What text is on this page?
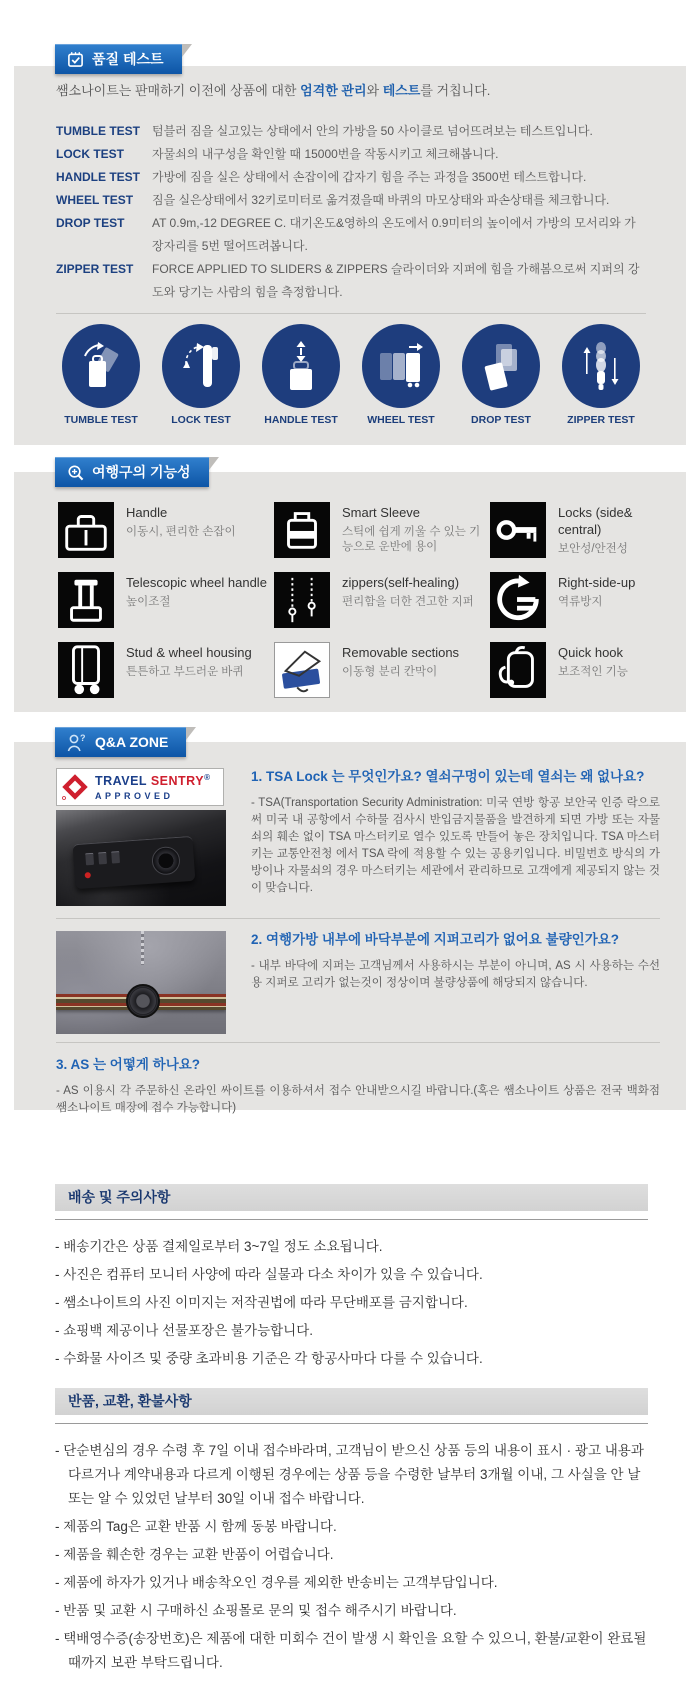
품질 테스트

쌤소나이트는 판매하기 이전에 상품에 대한 엄격한 관리와 테스트를 거칩니다.

TUMBLE TEST	텀블러 짐을 실고있는 상태에서 안의 가방을 50 사이클로 넘어뜨려보는 테스트입니다.
LOCK TEST	자물쇠의 내구성을 확인할 때 15000번을 작동시키고 체크해봅니다.
HANDLE TEST	가방에 짐을 실은 상태에서 손잡이에 갑자기 힘을 주는 과정을 3500번 테스트합니다.
WHEEL TEST	짐을 실은상태에서 32키로미터로 옮겨졌을때 바퀴의 마모상태와 파손상태를 체크합니다.
DROP TEST	AT 0.9m,-12 DEGREE C. 대기온도&영하의 온도에서 0.9미터의 높이에서 가방의 모서리와 가장자리를 5번 떨어뜨려봅니다.
ZIPPER TEST	FORCE APPLIED TO SLIDERS & ZIPPERS 슬라이더와 지퍼에 힘을 가해봄으로써 지퍼의 강도와 당기는 사람의 힘을 측정합니다.
TUMBLE TEST	LOCK TEST	HANDLE TEST	WHEEL TEST	DROP TEST	ZIPPER TEST
여행구의 기능성
Handle
이동시, 편리한 손잡이
Smart Sleeve
스틱에 쉽게 끼울 수 있는 기능으로 운반에 용이
Locks (side& central)
보안성/안전성
Telescopic wheel handle
높이조절
zippers(self-healing)
편리함을 더한 견고한 지퍼
Right-side-up
역류방지
Stud & wheel housing
튼튼하고 부드러운 바퀴
Removable sections
이동형 분리 칸막이
Quick hook
보조적인 기능
? Q&A ZONE
TRAVEL SENTRY®
APPROVED

1. TSA Lock 는 무엇인가요? 열쇠구멍이 있는데 열쇠는 왜 없나요?

- TSA(Transportation Security Administration: 미국 연방 항공 보안국 인증 락으로써 미국 내 공항에서 수하물 검사시 반입금지물품을 발견하게 되면 가방 또는 자물쇠의 훼손 없이 TSA 마스터키로 열수 있도록 만들어 놓은 장치입니다. TSA 마스터키는 교통안전청 에서 TSA 락에 적용할 수 있는 공용키입니다. 비밀번호 방식의 가방이나 자물쇠의 경우 마스터키는 세관에서 관리하므로 고객에게 제공되지 않는 것이 맞습니다.

2. 여행가방 내부에 바닥부분에 지퍼고리가 없어요 불량인가요?

- 내부 바닥에 지퍼는 고객님께서 사용하시는 부분이 아니며, AS 시 사용하는 수선용 지퍼로 고리가 없는것이 정상이며 불량상품에 해당되지 않습니다.

3. AS 는 어떻게 하나요?

- AS 이용시 각 주문하신 온라인 싸이트를 이용하셔서 접수 안내받으시길 바랍니다.(혹은 쌤소나이트 상품은 전국 백화점 쌤소나이트 매장에 접수 가능합니다)

배송 및 주의사항
- 배송기간은 상품 결제일로부터 3~7일 정도 소요됩니다.
- 사진은 컴퓨터 모니터 사양에 따라 실물과 다소 차이가 있을 수 있습니다.
- 쌤소나이트의 사진 이미지는 저작권법에 따라 무단배포를 금지합니다.
- 쇼핑백 제공이나 선물포장은 불가능합니다.
- 수화물 사이즈 및 중량 초과비용 기준은 각 항공사마다 다를 수 있습니다.
반품, 교환, 환불사항
- 단순변심의 경우 수령 후 7일 이내 접수바라며, 고객님이 받으신 상품 등의 내용이 표시 · 광고 내용과 다르거나 계약내용과 다르게 이행된 경우에는 상품 등을 수령한 날부터 3개월 이내, 그 사실을 안 날 또는 알 수 있었던 날부터 30일 이내 접수 바랍니다.
- 제품의 Tag은 교환 반품 시 함께 동봉 바랍니다.
- 제품을 훼손한 경우는 교환 반품이 어렵습니다.
- 제품에 하자가 있거나 배송착오인 경우를 제외한 반송비는 고객부담입니다.
- 반품 및 교환 시 구매하신 쇼핑몰로 문의 및 접수 해주시기 바랍니다.
- 택배영수증(송장번호)은 제품에 대한 미회수 건이 발생 시 확인을 요할 수 있으니, 환불/교환이 완료될 때까지 보관 부탁드립니다.
